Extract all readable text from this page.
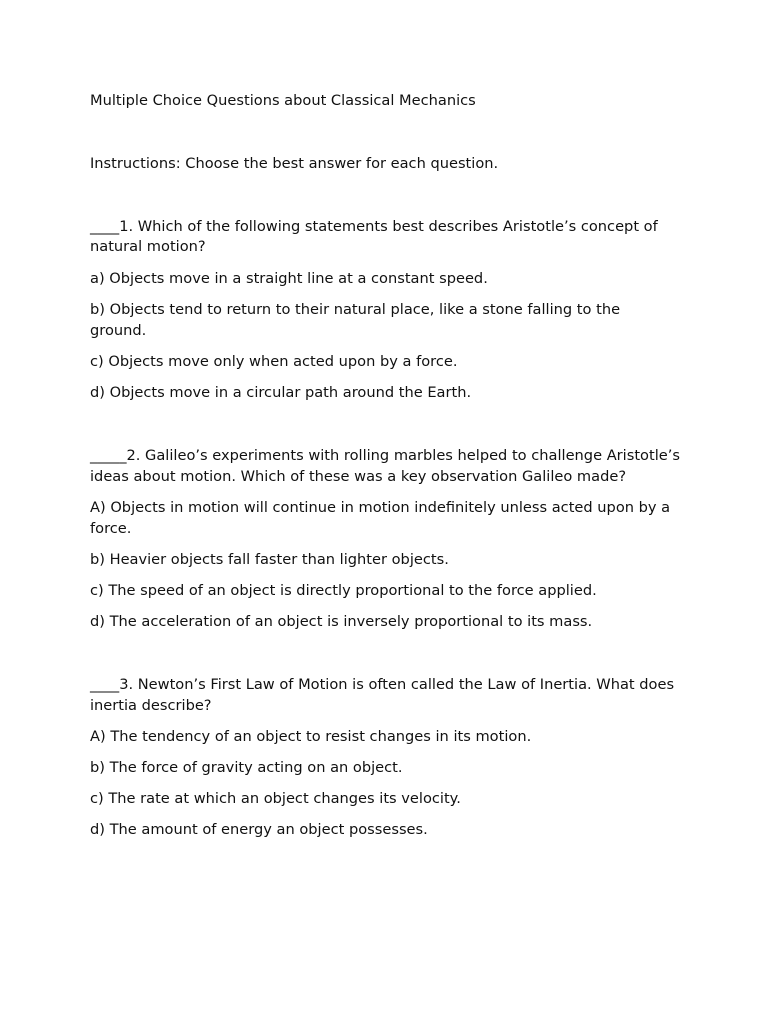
Multiple Choice Questions about Classical Mechanics

Instructions: Choose the best answer for each question.

____1. Which of the following statements best describes Aristotle’s concept of natural motion?

a) Objects move in a straight line at a constant speed.

b) Objects tend to return to their natural place, like a stone falling to the ground.

c) Objects move only when acted upon by a force.

d) Objects move in a circular path around the Earth.

_____2. Galileo’s experiments with rolling marbles helped to challenge Aristotle’s ideas about motion. Which of these was a key observation Galileo made?

A) Objects in motion will continue in motion indefinitely unless acted upon by a force.

b) Heavier objects fall faster than lighter objects.

c) The speed of an object is directly proportional to the force applied.

d) The acceleration of an object is inversely proportional to its mass.

____3. Newton’s First Law of Motion is often called the Law of Inertia. What does inertia describe?

A) The tendency of an object to resist changes in its motion.

b) The force of gravity acting on an object.

c) The rate at which an object changes its velocity.

d) The amount of energy an object possesses.
